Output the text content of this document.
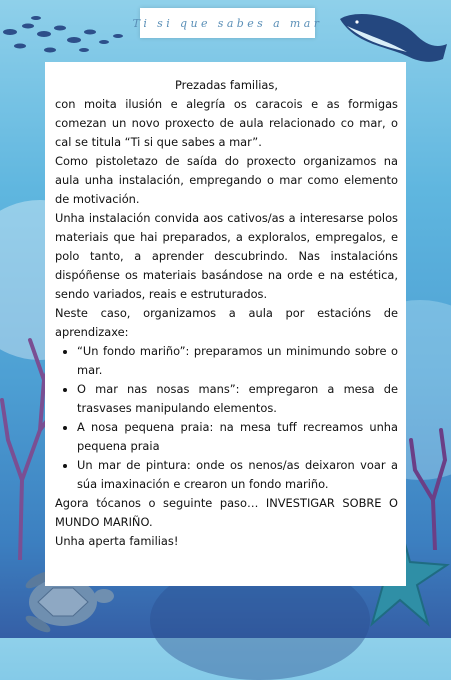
Ti si que sabes a mar

Prezadas familias,

con moita ilusión e alegría os caracois e as formigas comezan un novo proxecto de aula relacionado co mar, o cal se titula “Ti si que sabes a mar”.

Como pistoletazo de saída do proxecto organizamos na aula unha instalación, empregando o mar como elemento de motivación.

Unha instalación convida aos cativos/as a interesarse polos materiais que hai preparados, a exploralos, empregalos, e polo tanto, a aprender descubrindo. Nas instalacións dispóñense os materiais basándose na orde e na estética, sendo variados, reais e estruturados.

Neste caso, organizamos a aula por estacións de aprendizaxe:

• “Un fondo mariño”: preparamos un minimundo sobre o mar.
• O mar nas nosas mans”: empregaron a mesa de trasvases manipulando elementos.
• A nosa pequena praia: na mesa tuff recreamos unha pequena praia
• Un mar de pintura: onde os nenos/as deixaron voar a súa imaxinación e crearon un fondo mariño.

Agora tócanos o seguinte paso… INVESTIGAR SOBRE O MUNDO MARIÑO.

Unha aperta familias!
